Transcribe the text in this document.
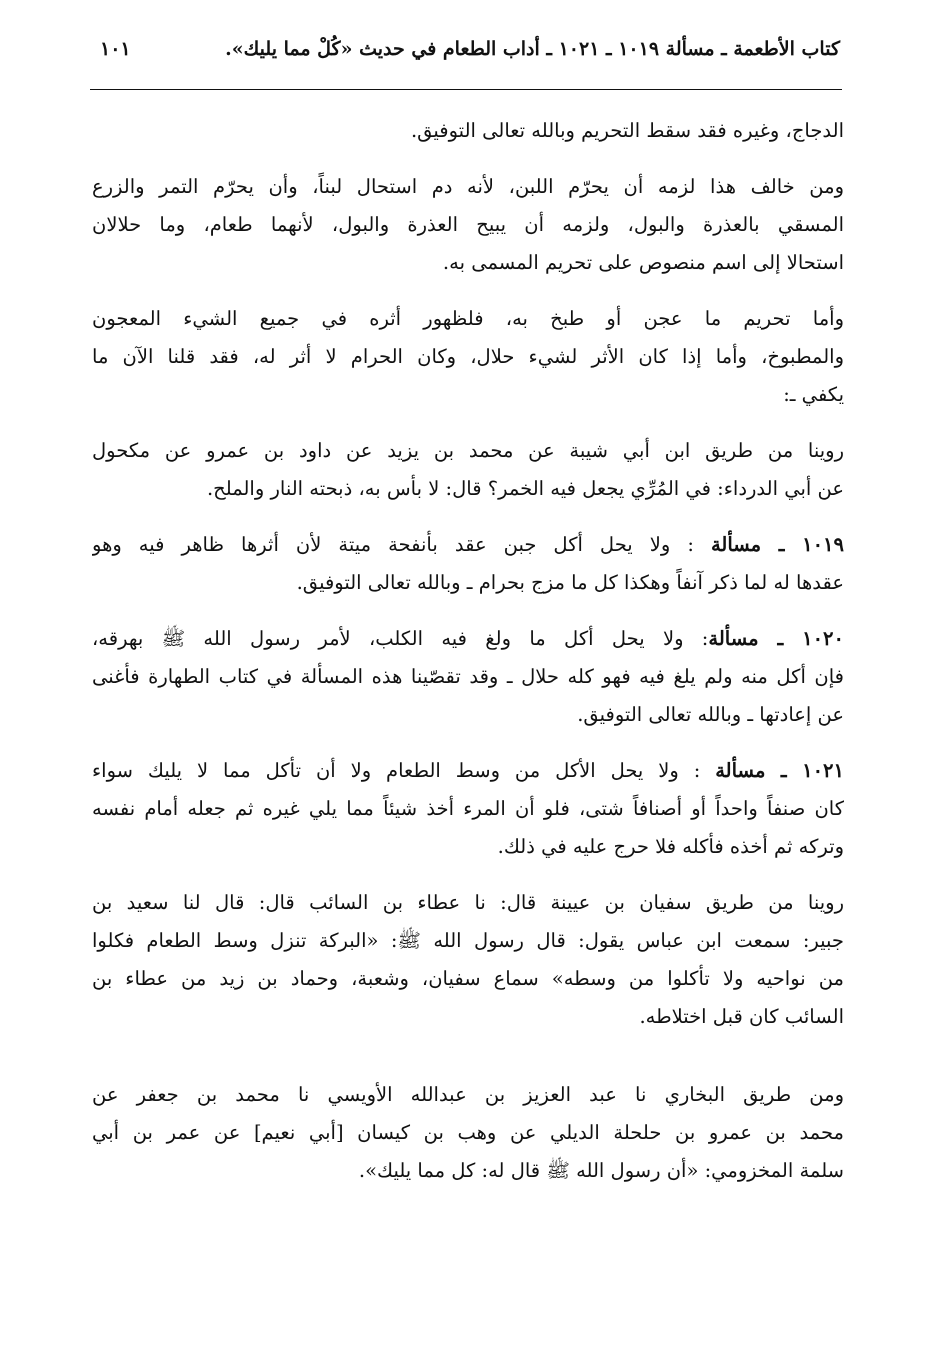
كتاب الأطعمة ـ مسألة ١٠١٩ ـ ١٠٢١ ـ أداب الطعام في حديث «كُلْ مما يليك».
١٠١

الدجاج، وغيره فقد سقط التحريم وبالله تعالى التوفيق.

ومن خالف هذا لزمه أن يحرّم اللبن، لأنه دم استحال لبناً، وأن يحرّم التمر والزرع
المسقي بالعذرة والبول، ولزمه أن يبيح العذرة والبول، لأنهما طعام، وما حلالان
استحالا إلى اسم منصوص على تحريم المسمى به.

وأما تحريم ما عجن أو طبخ به، فلظهور أثره في جميع الشيء المعجون
والمطبوخ، وأما إذا كان الأثر لشيء حلال، وكان الحرام لا أثر له، فقد قلنا الآن ما
يكفي ـ:

روينا من طريق ابن أبي شيبة عن محمد بن يزيد عن داود بن عمرو عن مكحول
عن أبي الدرداء: في المُرِّي يجعل فيه الخمر؟ قال: لا بأس به، ذبحته النار والملح.

١٠١٩ ـ مسألة : ولا يحل أكل جبن عقد بأنفحة ميتة لأن أثرها ظاهر فيه وهو
عقدها له لما ذكر آنفاً وهكذا كل ما مزج بحرام ـ وبالله تعالى التوفيق.

١٠٢٠ ـ مسألة: ولا يحل أكل ما ولغ فيه الكلب، لأمر رسول الله ﷺ بهرقه،
فإن أكل منه ولم يلغ فيه فهو كله حلال ـ وقد تقصّينا هذه المسألة في كتاب الطهارة فأغنى
عن إعادتها ـ وبالله تعالى التوفيق.

١٠٢١ ـ مسألة : ولا يحل الأكل من وسط الطعام ولا أن تأكل مما لا يليك سواء
كان صنفاً واحداً أو أصنافاً شتى، فلو أن المرء أخذ شيئاً مما يلي غيره ثم جعله أمام نفسه
وتركه ثم أخذه فأكله فلا حرج عليه في ذلك.

روينا من طريق سفيان بن عيينة قال: نا عطاء بن السائب قال: قال لنا سعيد بن
جبير: سمعت ابن عباس يقول: قال رسول الله ﷺ: «البركة تنزل وسط الطعام فكلوا
من نواحيه ولا تأكلوا من وسطه» سماع سفيان، وشعبة، وحماد بن زيد من عطاء بن
السائب كان قبل اختلاطه.

ومن طريق البخاري نا عبد العزيز بن عبدالله الأويسي نا محمد بن جعفر عن
محمد بن عمرو بن حلحلة الديلي عن وهب بن كيسان [أبي نعيم] عن عمر بن أبي
سلمة المخزومي: «أن رسول الله ﷺ قال له: كل مما يليك».
